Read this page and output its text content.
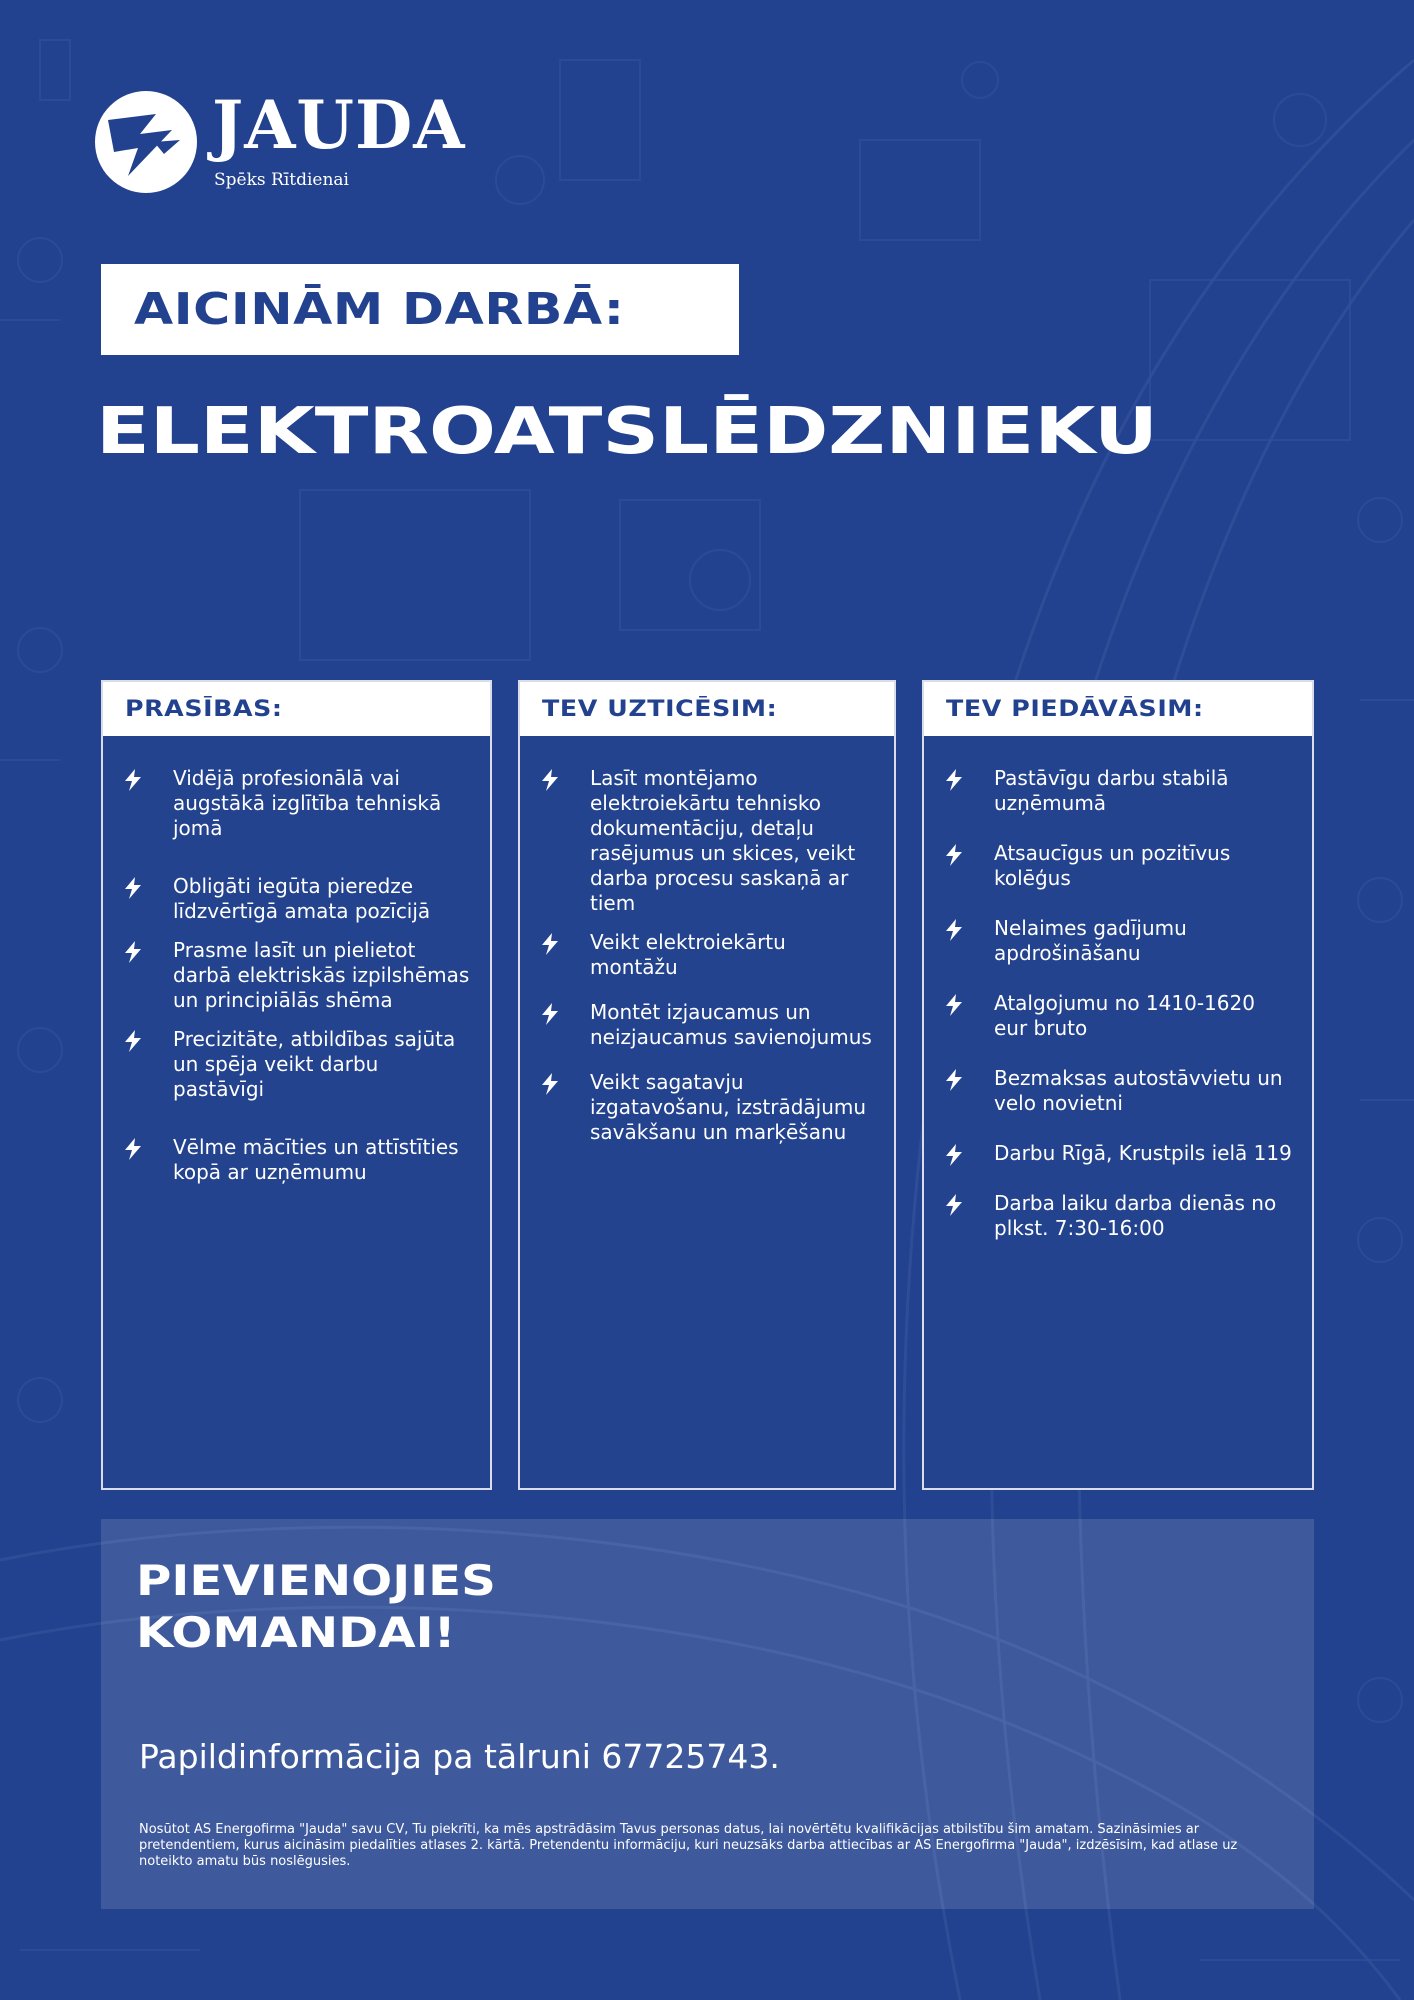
JAUDA
Spēks Rītdienai
AICINĀM DARBĀ:
ELEKTROATSLĒDZNIEKU
PRASĪBAS:
Vidējā profesionālā vai augstākā izglītība tehniskā jomā
Obligāti iegūta pieredze līdzvērtīgā amata pozīcijā
Prasme lasīt un pielietot darbā elektriskās izpilshēmas un principiālās shēma
Precizitāte, atbildības sajūta un spēja veikt darbu pastāvīgi
Vēlme mācīties un attīstīties kopā ar uzņēmumu
TEV UZTICĒSIM:
Lasīt montējamo elektroiekārtu tehnisko dokumentāciju, detaļu rasējumus un skices, veikt darba procesu saskaņā ar tiem
Veikt elektroiekārtu montāžu
Montēt izjaucamus un neizjaucamus savienojumus
Veikt sagatavju izgatavošanu, izstrādājumu savākšanu un marķēšanu
TEV PIEDĀVĀSIM:
Pastāvīgu darbu stabilā uzņēmumā
Atsaucīgus un pozitīvus kolēģus
Nelaimes gadījumu apdrošināšanu
Atalgojumu no 1410-1620 eur bruto
Bezmaksas autostāvvietu un velo novietni
Darbu Rīgā, Krustpils ielā 119
Darba laiku darba dienās no plkst. 7:30-16:00
PIEVIENOJIES
KOMANDAI!
Papildinformācija pa tālruni 67725743.
Nosūtot AS Energofirma "Jauda" savu CV, Tu piekrīti, ka mēs apstrādāsim Tavus personas datus, lai novērtētu kvalifikācijas atbilstību šim amatam. Sazināsimies ar pretendentiem, kurus aicināsim piedalīties atlases 2. kārtā. Pretendentu informāciju, kuri neuzsāks darba attiecības ar AS Energofirma "Jauda", izdzēsīsim, kad atlase uz noteikto amatu būs noslēgusies.
